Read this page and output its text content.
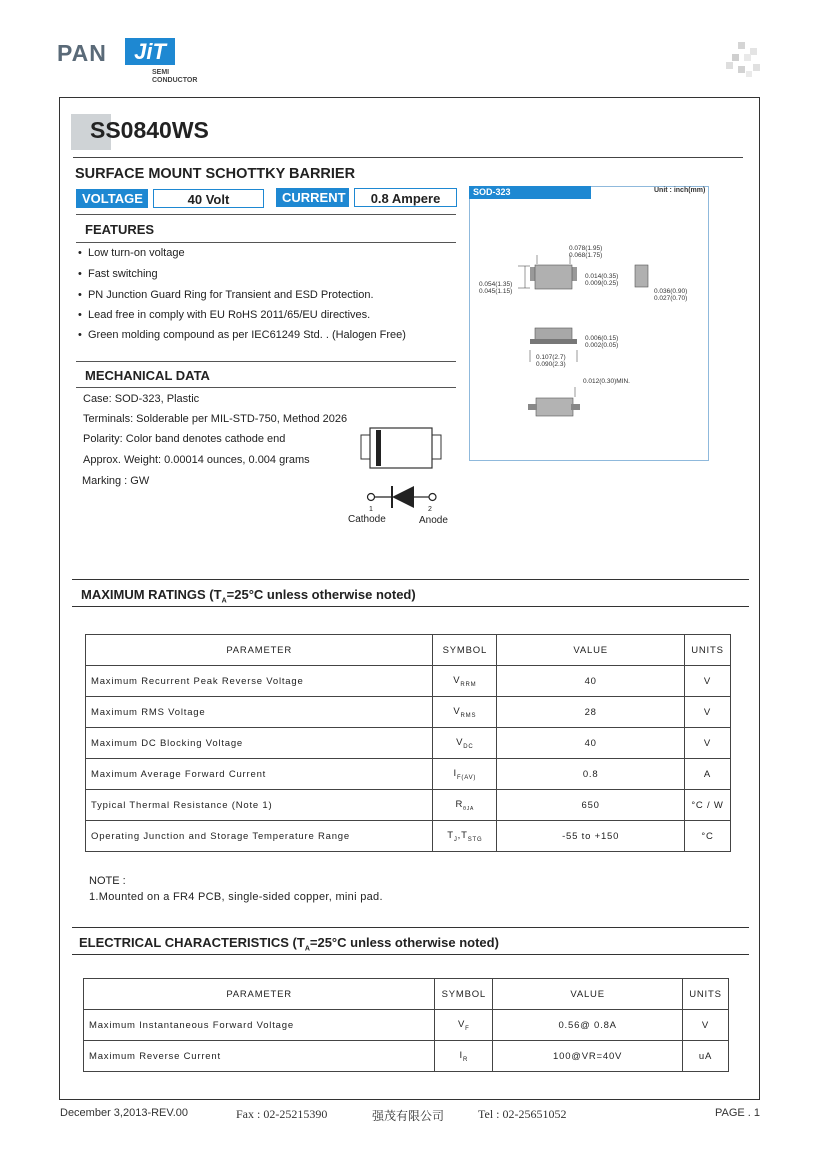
PAN	JiT
SEMI
CONDUCTOR
SS0840WS
SURFACE MOUNT SCHOTTKY BARRIER
VOLTAGE	40 Volt	CURRENT	0.8 Ampere
FEATURES
•  Low turn-on voltage
•  Fast switching
•  PN Junction Guard Ring for Transient and ESD Protection.
•  Lead free in comply with EU RoHS 2011/65/EU directives.
•  Green molding compound as per IEC61249 Std. . (Halogen Free)
MECHANICAL DATA
Case: SOD-323, Plastic
Terminals: Solderable per MIL-STD-750, Method 2026
Polarity: Color band denotes cathode end
Approx. Weight: 0.00014 ounces, 0.004 grams
Marking : GW
1	2
Cathode	Anode
SOD-323	Unit : inch(mm)
0.078(1.95)
0.068(1.75)
0.014(0.35)
0.009(0.25)
0.054(1.35)
0.045(1.15)	0.036(0.90)
0.027(0.70)
0.006(0.15)
0.002(0.05)
0.107(2.7)
0.090(2.3)
0.012(0.30)MIN.
MAXIMUM RATINGS ($T_A=25^\circ C$ unless otherwise noted)
PARAMETER	SYMBOL	VALUE	UNITS
Maximum Recurrent Peak Reverse Voltage	$V_{RRM}$	40	V
Maximum RMS Voltage	$V_{RMS}$	28	V
Maximum DC Blocking Voltage	$V_{DC}$	40	V
Maximum Average Forward Current	$I_{F(AV)}$	0.8	A
Typical Thermal Resistance (Note 1)	$R_{\theta JA}$	650	°C / W
Operating Junction and Storage Temperature Range	$T_J,T_{STG}$	-55 to +150	°C
NOTE :
1.Mounted on a FR4 PCB, single-sided copper, mini pad.
ELECTRICAL CHARACTERISTICS ($T_A=25^\circ C$ unless otherwise noted)
PARAMETER	SYMBOL	VALUE	UNITS
Maximum Instantaneous Forward Voltage	$V_F$	0.56@ 0.8A	V
Maximum Reverse Current	$I_R$	100@VR=40V	uA
December 3,2013-REV.00	Fax : 02-25215390	强茂有限公司	Tel : 02-25651052	PAGE . 1
